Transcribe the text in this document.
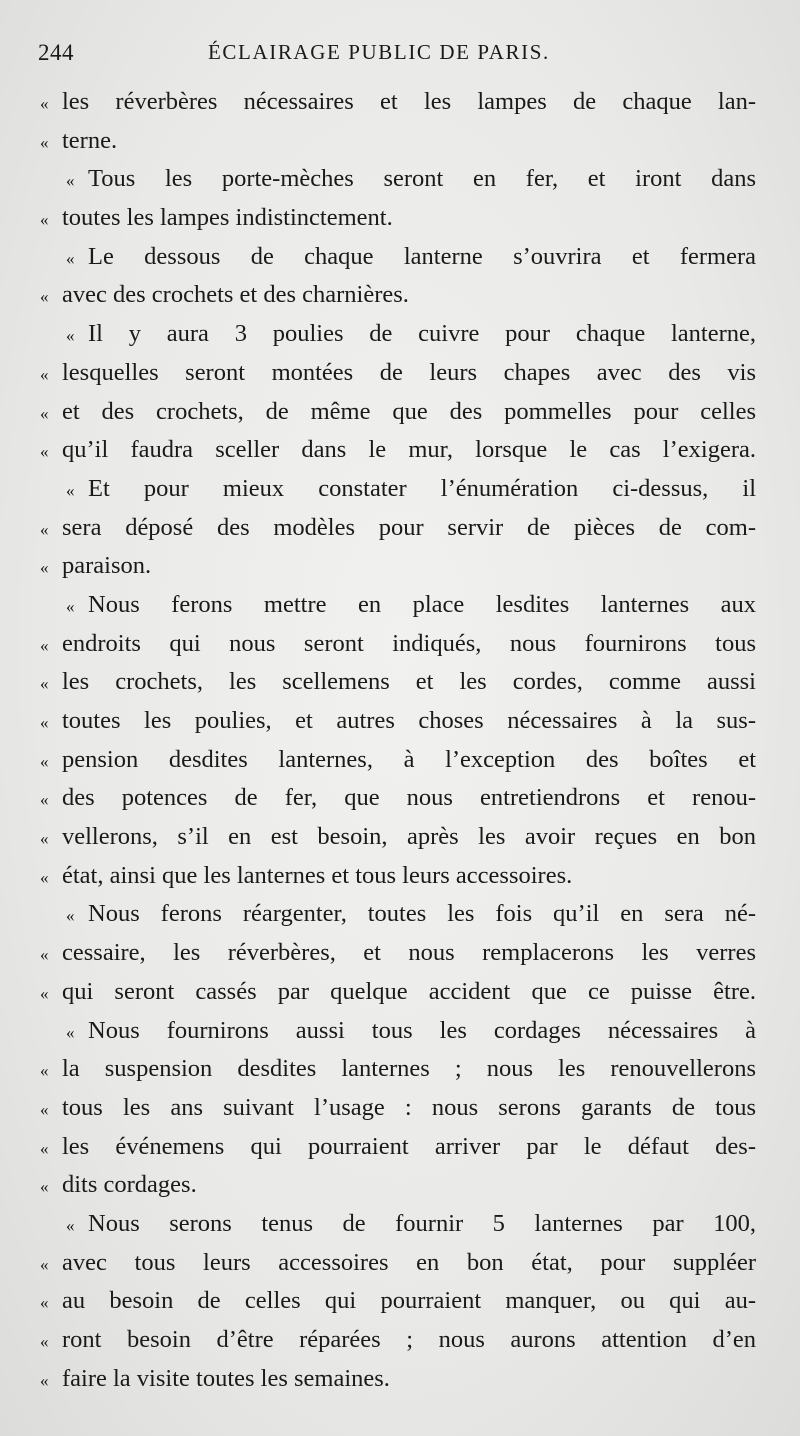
244	ÉCLAIRAGE PUBLIC DE PARIS.
« les réverbères nécessaires et les lampes de chaque lan-
« terne.
« Tous les porte-mèches seront en fer, et iront dans
« toutes les lampes indistinctement.
« Le dessous de chaque lanterne s’ouvrira et fermera
« avec des crochets et des charnières.
« Il y aura 3 poulies de cuivre pour chaque lanterne,
« lesquelles seront montées de leurs chapes avec des vis
« et des crochets, de même que des pommelles pour celles
« qu’il faudra sceller dans le mur, lorsque le cas l’exigera.
« Et pour mieux constater l’énumération ci-dessus, il
« sera déposé des modèles pour servir de pièces de com-
« paraison.
« Nous ferons mettre en place lesdites lanternes aux
« endroits qui nous seront indiqués, nous fournirons tous
« les crochets, les scellemens et les cordes, comme aussi
« toutes les poulies, et autres choses nécessaires à la sus-
« pension desdites lanternes, à l’exception des boîtes et
« des potences de fer, que nous entretiendrons et renou-
« vellerons, s’il en est besoin, après les avoir reçues en bon
« état, ainsi que les lanternes et tous leurs accessoires.
« Nous ferons réargenter, toutes les fois qu’il en sera né-
« cessaire, les réverbères, et nous remplacerons les verres
« qui seront cassés par quelque accident que ce puisse être.
« Nous fournirons aussi tous les cordages nécessaires à
« la suspension desdites lanternes ; nous les renouvellerons
« tous les ans suivant l’usage : nous serons garants de tous
« les événemens qui pourraient arriver par le défaut des-
« dits cordages.
« Nous serons tenus de fournir 5 lanternes par 100,
« avec tous leurs accessoires en bon état, pour suppléer
« au besoin de celles qui pourraient manquer, ou qui au-
« ront besoin d’être réparées ; nous aurons attention d’en
« faire la visite toutes les semaines.
